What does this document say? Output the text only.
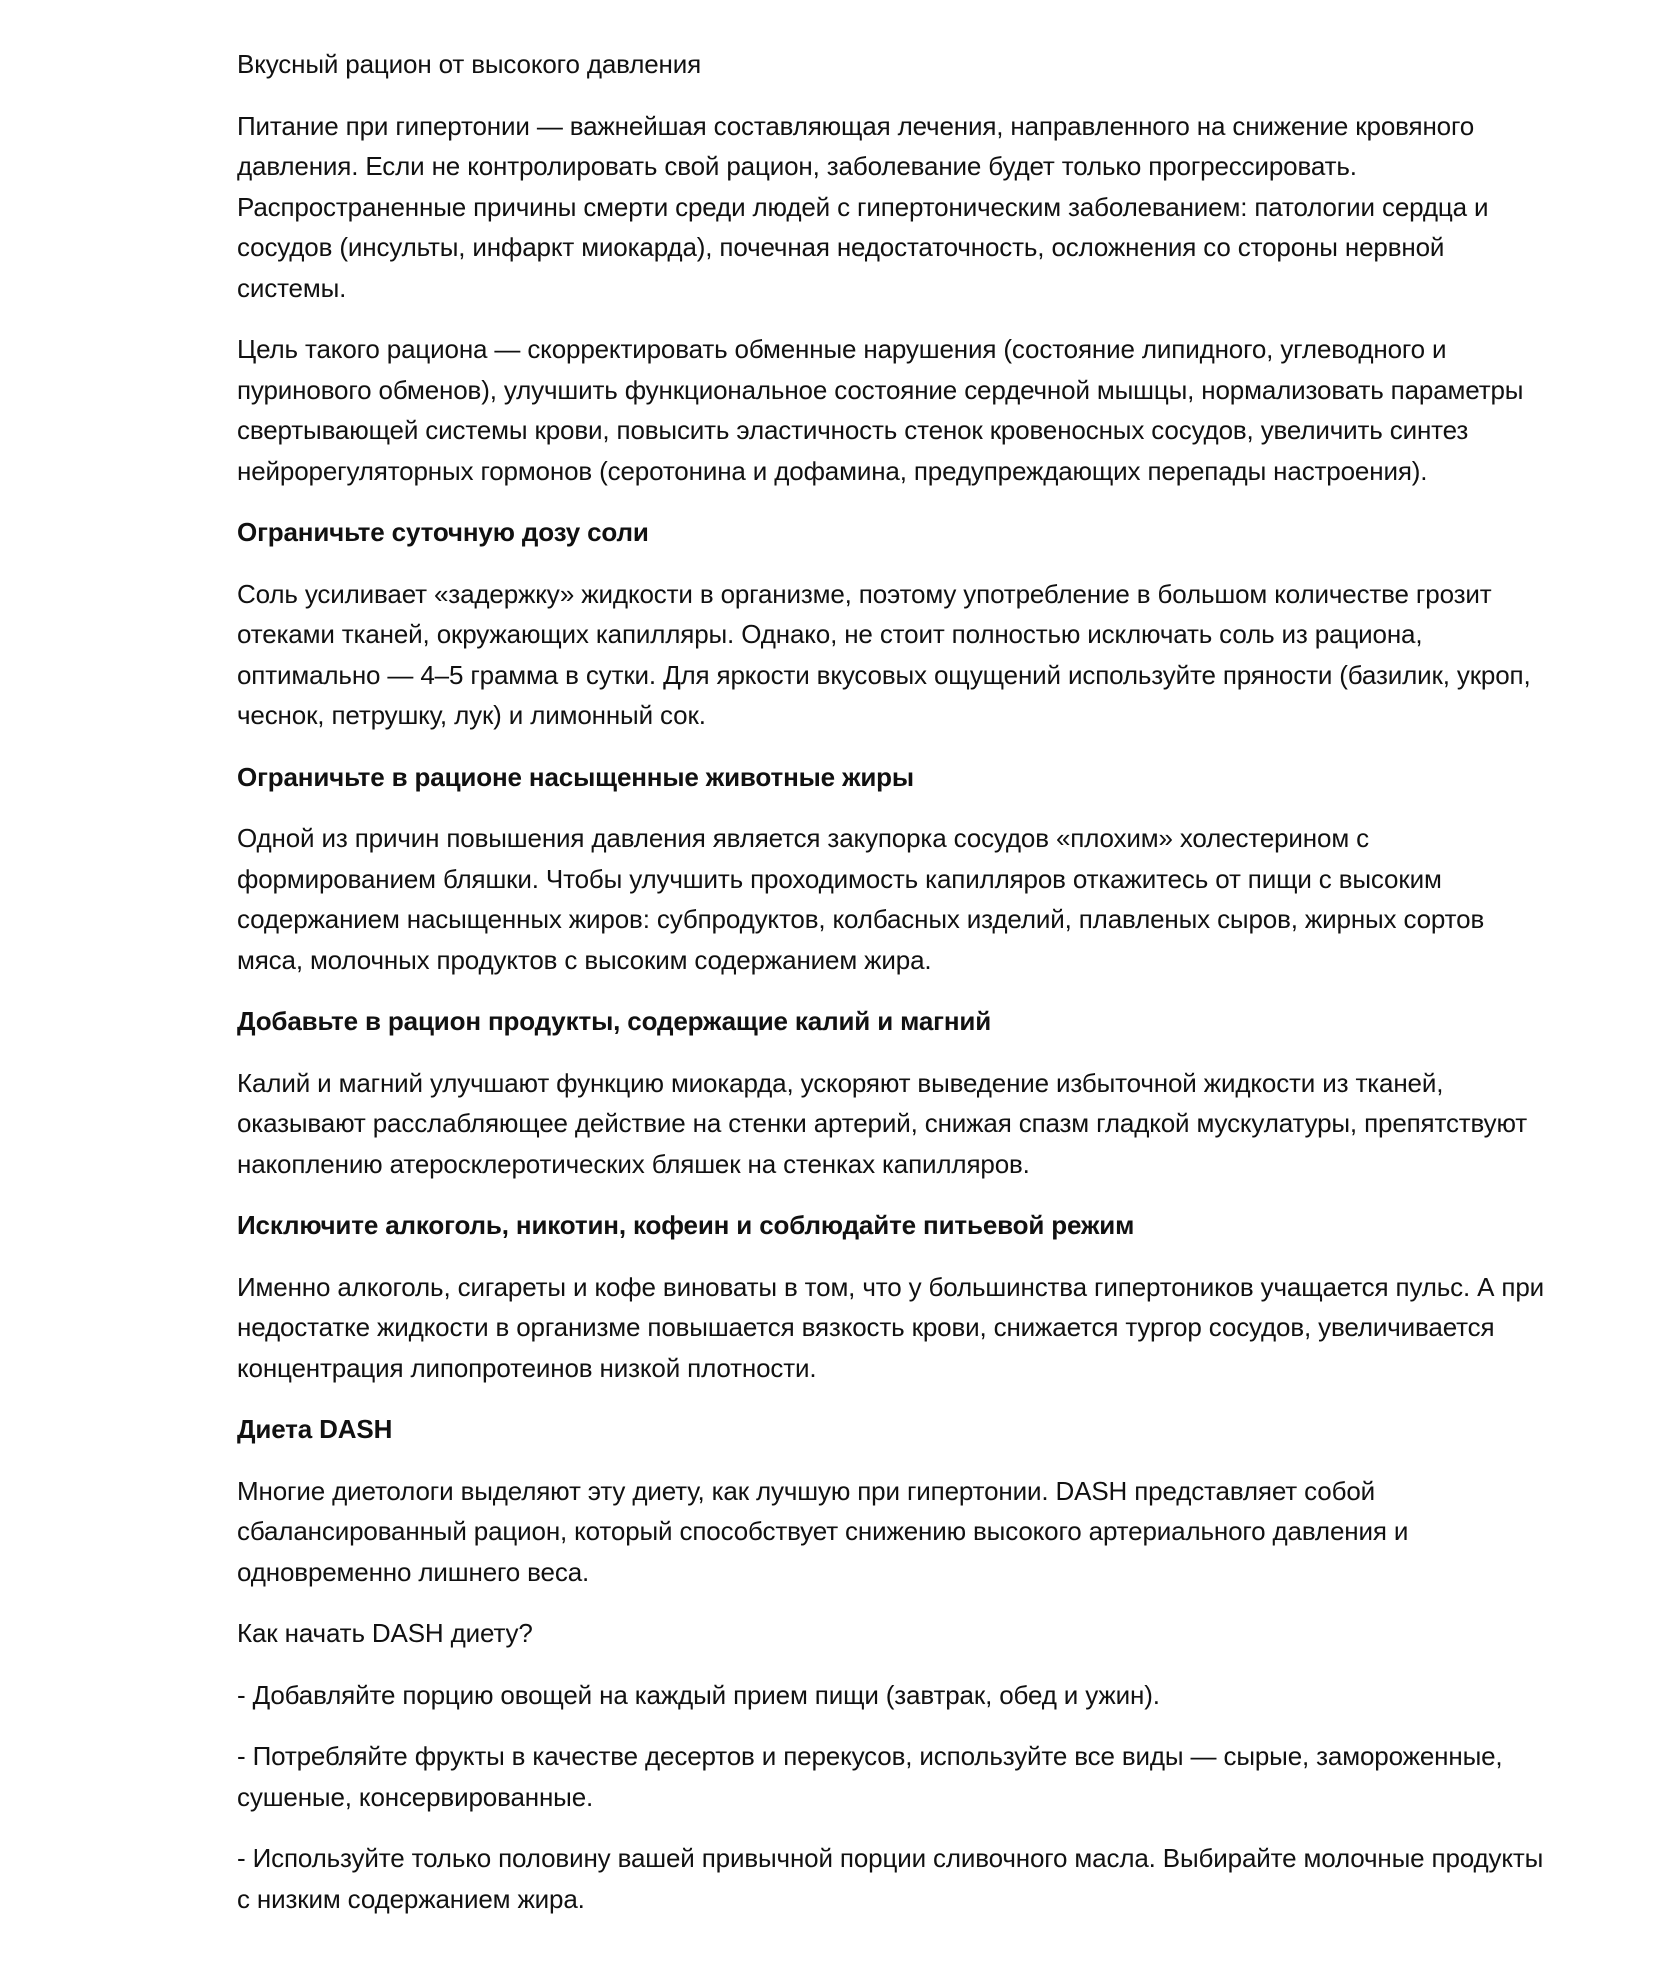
Вкусный рацион от высокого давления

Питание при гипертонии — важнейшая составляющая лечения, направленного на снижение кровяного давления. Если не контролировать свой рацион, заболевание будет только прогрессировать. Распространенные причины смерти среди людей с гипертоническим заболеванием: патологии сердца и сосудов (инсульты, инфаркт миокарда), почечная недостаточность, осложнения со стороны нервной системы.

Цель такого рациона — скорректировать обменные нарушения (состояние липидного, углеводного и пуринового обменов), улучшить функциональное состояние сердечной мышцы, нормализовать параметры свертывающей системы крови, повысить эластичность стенок кровеносных сосудов, увеличить синтез нейрорегуляторных гормонов (серотонина и дофамина, предупреждающих перепады настроения).

Ограничьте суточную дозу соли

Соль усиливает «задержку» жидкости в организме, поэтому употребление в большом количестве грозит отеками тканей, окружающих капилляры. Однако, не стоит полностью исключать соль из рациона, оптимально — 4–5 грамма в сутки. Для яркости вкусовых ощущений используйте пряности (базилик, укроп, чеснок, петрушку, лук) и лимонный сок.

Ограничьте в рационе насыщенные животные жиры

Одной из причин повышения давления является закупорка сосудов «плохим» холестерином с формированием бляшки. Чтобы улучшить проходимость капилляров откажитесь от пищи с высоким содержанием насыщенных жиров: субпродуктов, колбасных изделий, плавленых сыров, жирных сортов мяса, молочных продуктов с высоким содержанием жира.

Добавьте в рацион продукты, содержащие калий и магний

Калий и магний улучшают функцию миокарда, ускоряют выведение избыточной жидкости из тканей, оказывают расслабляющее действие на стенки артерий, снижая спазм гладкой мускулатуры, препятствуют накоплению атеросклеротических бляшек на стенках капилляров.

Исключите алкоголь, никотин, кофеин и соблюдайте питьевой режим

Именно алкоголь, сигареты и кофе виноваты в том, что у большинства гипертоников учащается пульс. А при недостатке жидкости в организме повышается вязкость крови, снижается тургор сосудов, увеличивается концентрация липопротеинов низкой плотности.

Диета DASH

Многие диетологи выделяют эту диету, как лучшую при гипертонии. DASH представляет собой сбалансированный рацион, который способствует снижению высокого артериального давления и одновременно лишнего веса.

Как начать DASH диету?

- Добавляйте порцию овощей на каждый прием пищи (завтрак, обед и ужин).

- Потребляйте фрукты в качестве десертов и перекусов, используйте все виды — сырые, замороженные, сушеные, консервированные.

- Используйте только половину вашей привычной порции сливочного масла. Выбирайте молочные продукты с низким содержанием жира.
